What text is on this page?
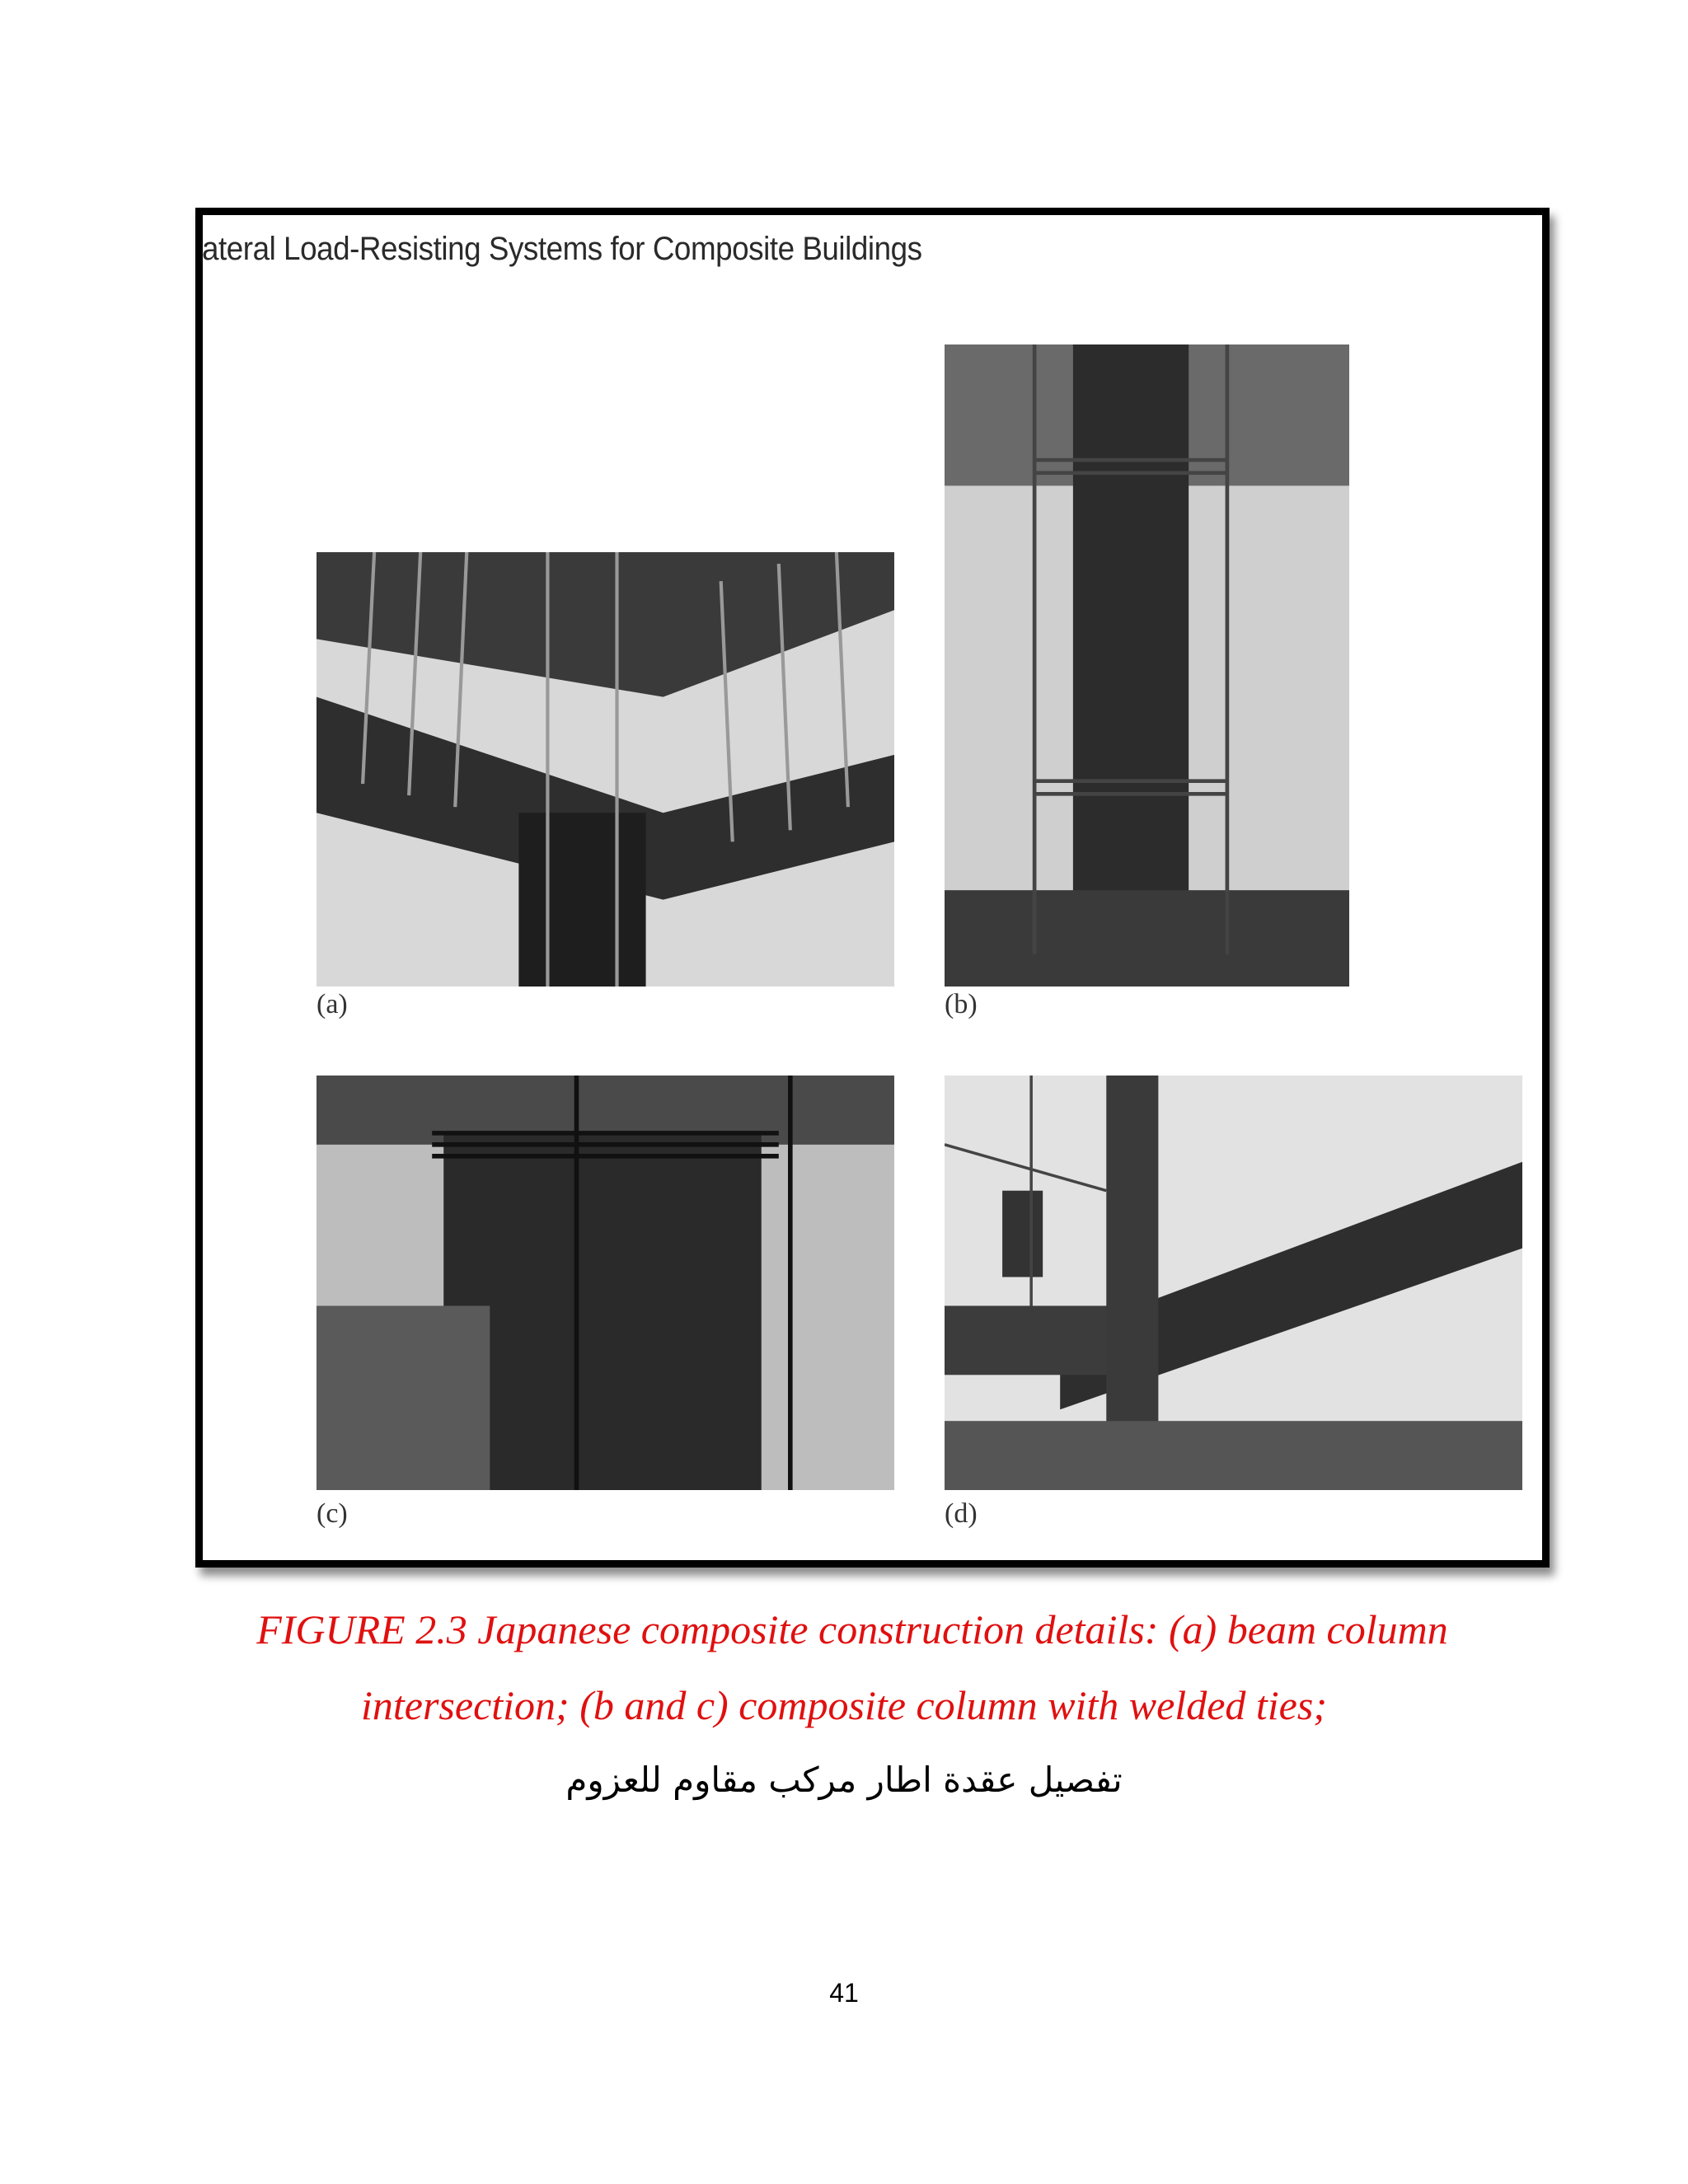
ateral Load-Resisting Systems for Composite Buildings
(a)	(b)
(c)	(d)
FIGURE 2.3 Japanese composite construction details: (a) beam column
intersection; (b and c) composite column with welded ties;
تفصيل عقدة اطار مركب مقاوم للعزوم
41
